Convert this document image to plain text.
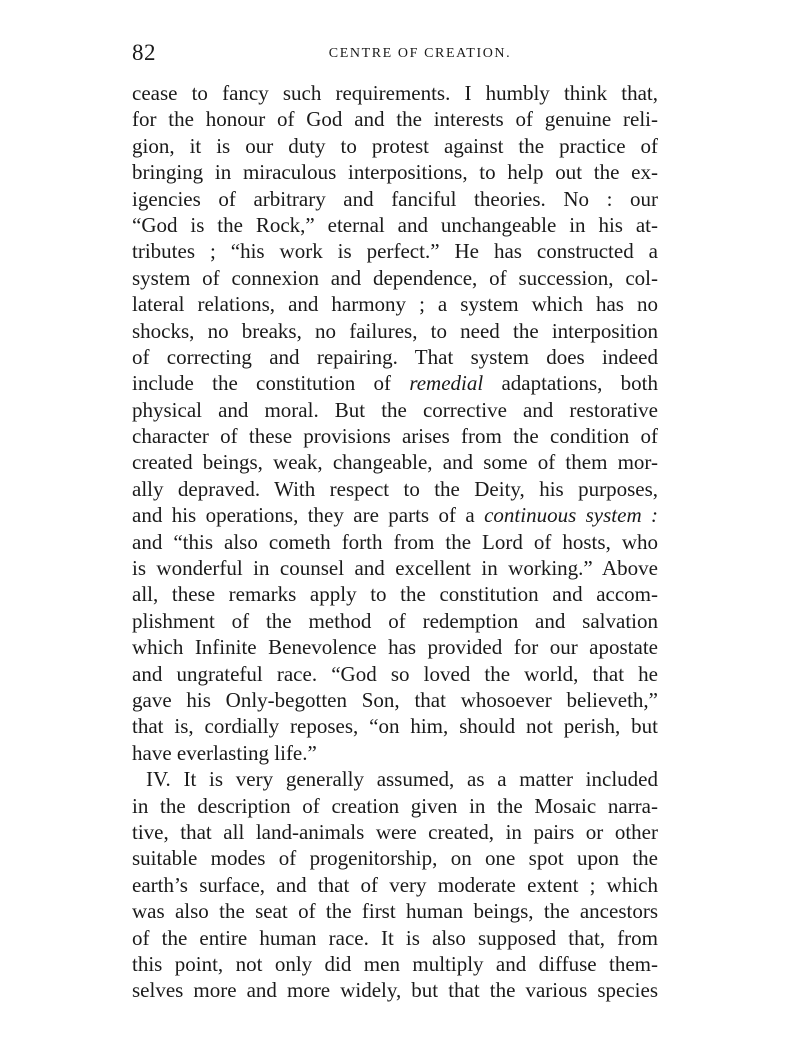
82	CENTRE OF CREATION.
cease to fancy such requirements. I humbly think that,
for the honour of God and the interests of genuine reli-
gion, it is our duty to protest against the practice of
bringing in miraculous interpositions, to help out the ex-
igencies of arbitrary and fanciful theories. No : our
“God is the Rock,” eternal and unchangeable in his at-
tributes ; “his work is perfect.” He has constructed a
system of connexion and dependence, of succession, col-
lateral relations, and harmony ; a system which has no
shocks, no breaks, no failures, to need the interposition
of correcting and repairing. That system does indeed
include the constitution of remedial adaptations, both
physical and moral. But the corrective and restorative
character of these provisions arises from the condition of
created beings, weak, changeable, and some of them mor-
ally depraved. With respect to the Deity, his purposes,
and his operations, they are parts of a continuous system :
and “this also cometh forth from the Lord of hosts, who
is wonderful in counsel and excellent in working.” Above
all, these remarks apply to the constitution and accom-
plishment of the method of redemption and salvation
which Infinite Benevolence has provided for our apostate
and ungrateful race. “God so loved the world, that he
gave his Only-begotten Son, that whosoever believeth,”
that is, cordially reposes, “on him, should not perish, but
have everlasting life.”
IV. It is very generally assumed, as a matter included
in the description of creation given in the Mosaic narra-
tive, that all land-animals were created, in pairs or other
suitable modes of progenitorship, on one spot upon the
earth’s surface, and that of very moderate extent ; which
was also the seat of the first human beings, the ancestors
of the entire human race. It is also supposed that, from
this point, not only did men multiply and diffuse them-
selves more and more widely, but that the various species
